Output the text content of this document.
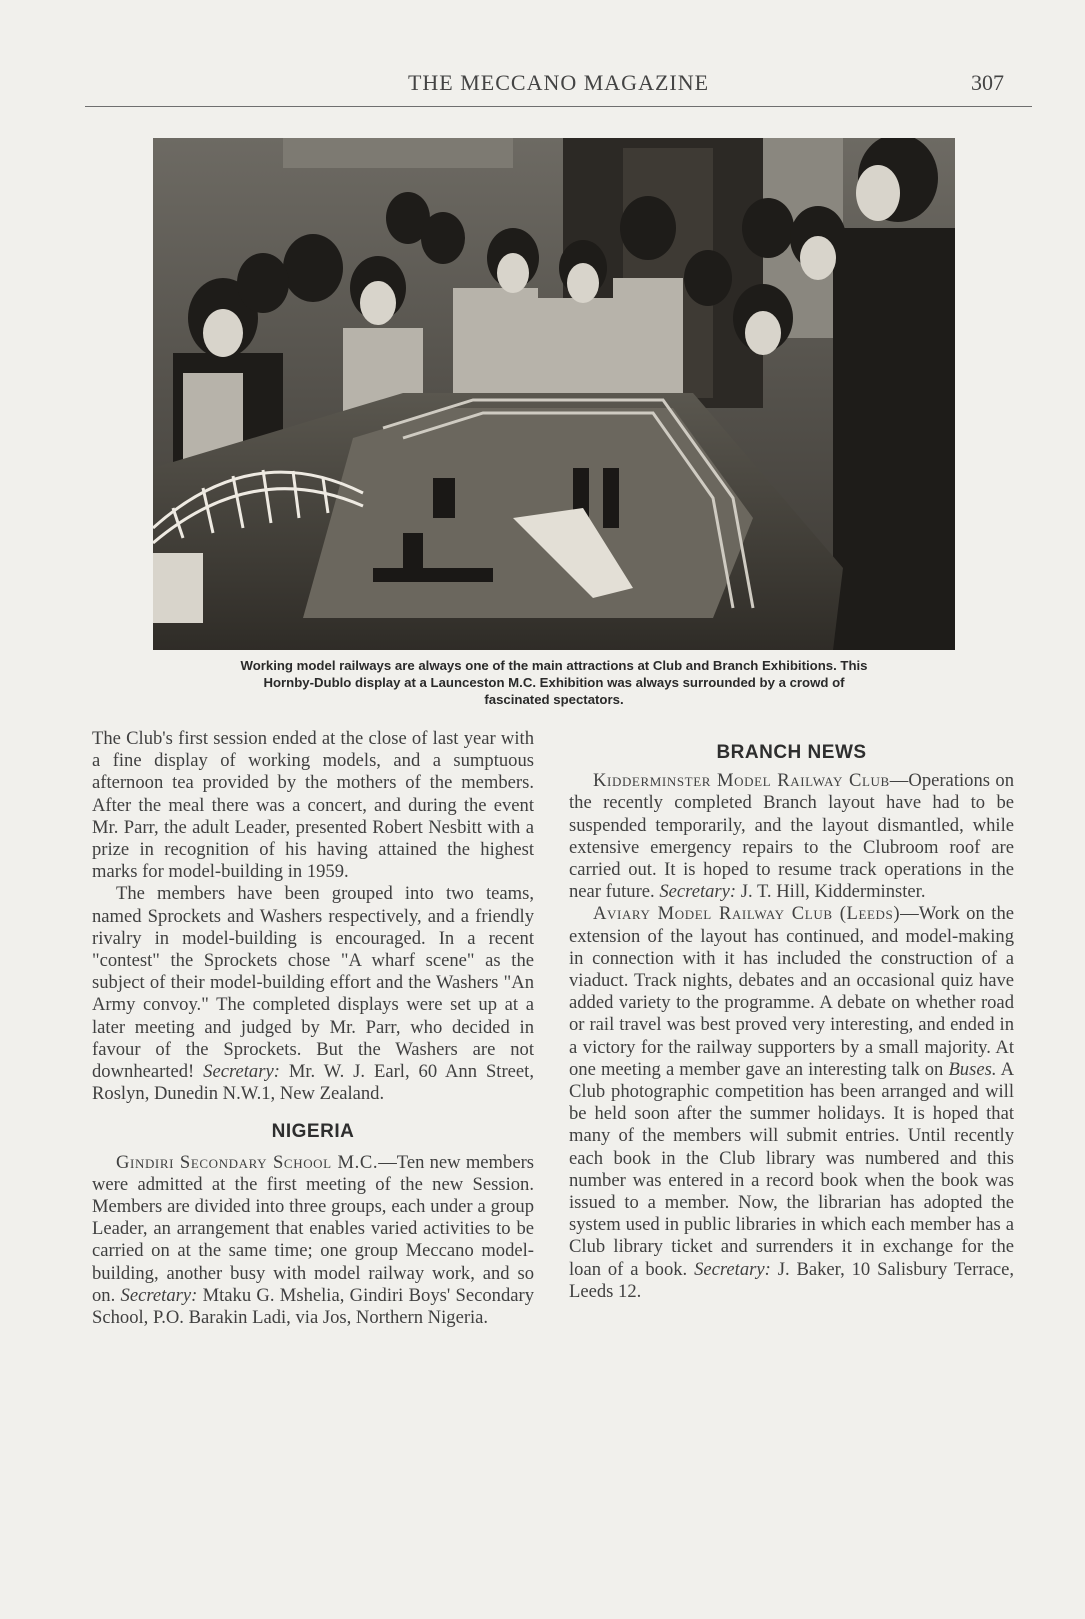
THE MECCANO MAGAZINE	307
Working model railways are always one of the main attractions at Club and Branch Exhibitions. This
Hornby-Dublo display at a Launceston M.C. Exhibition was always surrounded by a crowd of
fascinated spectators.

The Club's first session ended at the close of last year with a fine display of working models, and a sumptuous afternoon tea provided by the mothers of the members. After the meal there was a concert, and during the event Mr. Parr, the adult Leader, presented Robert Nesbitt with a prize in recognition of his having attained the highest marks for model-building in 1959.

The members have been grouped into two teams, named Sprockets and Washers respectively, and a friendly rivalry in model-building is encouraged. In a recent "contest" the Sprockets chose "A wharf scene" as the subject of their model-building effort and the Washers "An Army convoy." The completed displays were set up at a later meeting and judged by Mr. Parr, who decided in favour of the Sprockets. But the Washers are not downhearted! Secretary: Mr. W. J. Earl, 60 Ann Street, Roslyn, Dunedin N.W.1, New Zealand.

NIGERIA

Gindiri Secondary School M.C.—Ten new members were admitted at the first meeting of the new Session. Members are divided into three groups, each under a group Leader, an arrangement that enables varied activities to be carried on at the same time; one group Meccano model-building, another busy with model railway work, and so on. Secretary: Mtaku G. Mshelia, Gindiri Boys' Secondary School, P.O. Barakin Ladi, via Jos, Northern Nigeria.

BRANCH NEWS

Kidderminster Model Railway Club—Operations on the recently completed Branch layout have had to be suspended temporarily, and the layout dismantled, while extensive emergency repairs to the Clubroom roof are carried out. It is hoped to resume track operations in the near future. Secretary: J. T. Hill, Kidderminster.

Aviary Model Railway Club (Leeds)—Work on the extension of the layout has continued, and model-making in connection with it has included the construction of a viaduct. Track nights, debates and an occasional quiz have added variety to the programme. A debate on whether road or rail travel was best proved very interesting, and ended in a victory for the railway supporters by a small majority. At one meeting a member gave an interesting talk on Buses. A Club photographic competition has been arranged and will be held soon after the summer holidays. It is hoped that many of the members will submit entries. Until recently each book in the Club library was numbered and this number was entered in a record book when the book was issued to a member. Now, the librarian has adopted the system used in public libraries in which each member has a Club library ticket and surrenders it in exchange for the loan of a book. Secretary: J. Baker, 10 Salisbury Terrace, Leeds 12.
